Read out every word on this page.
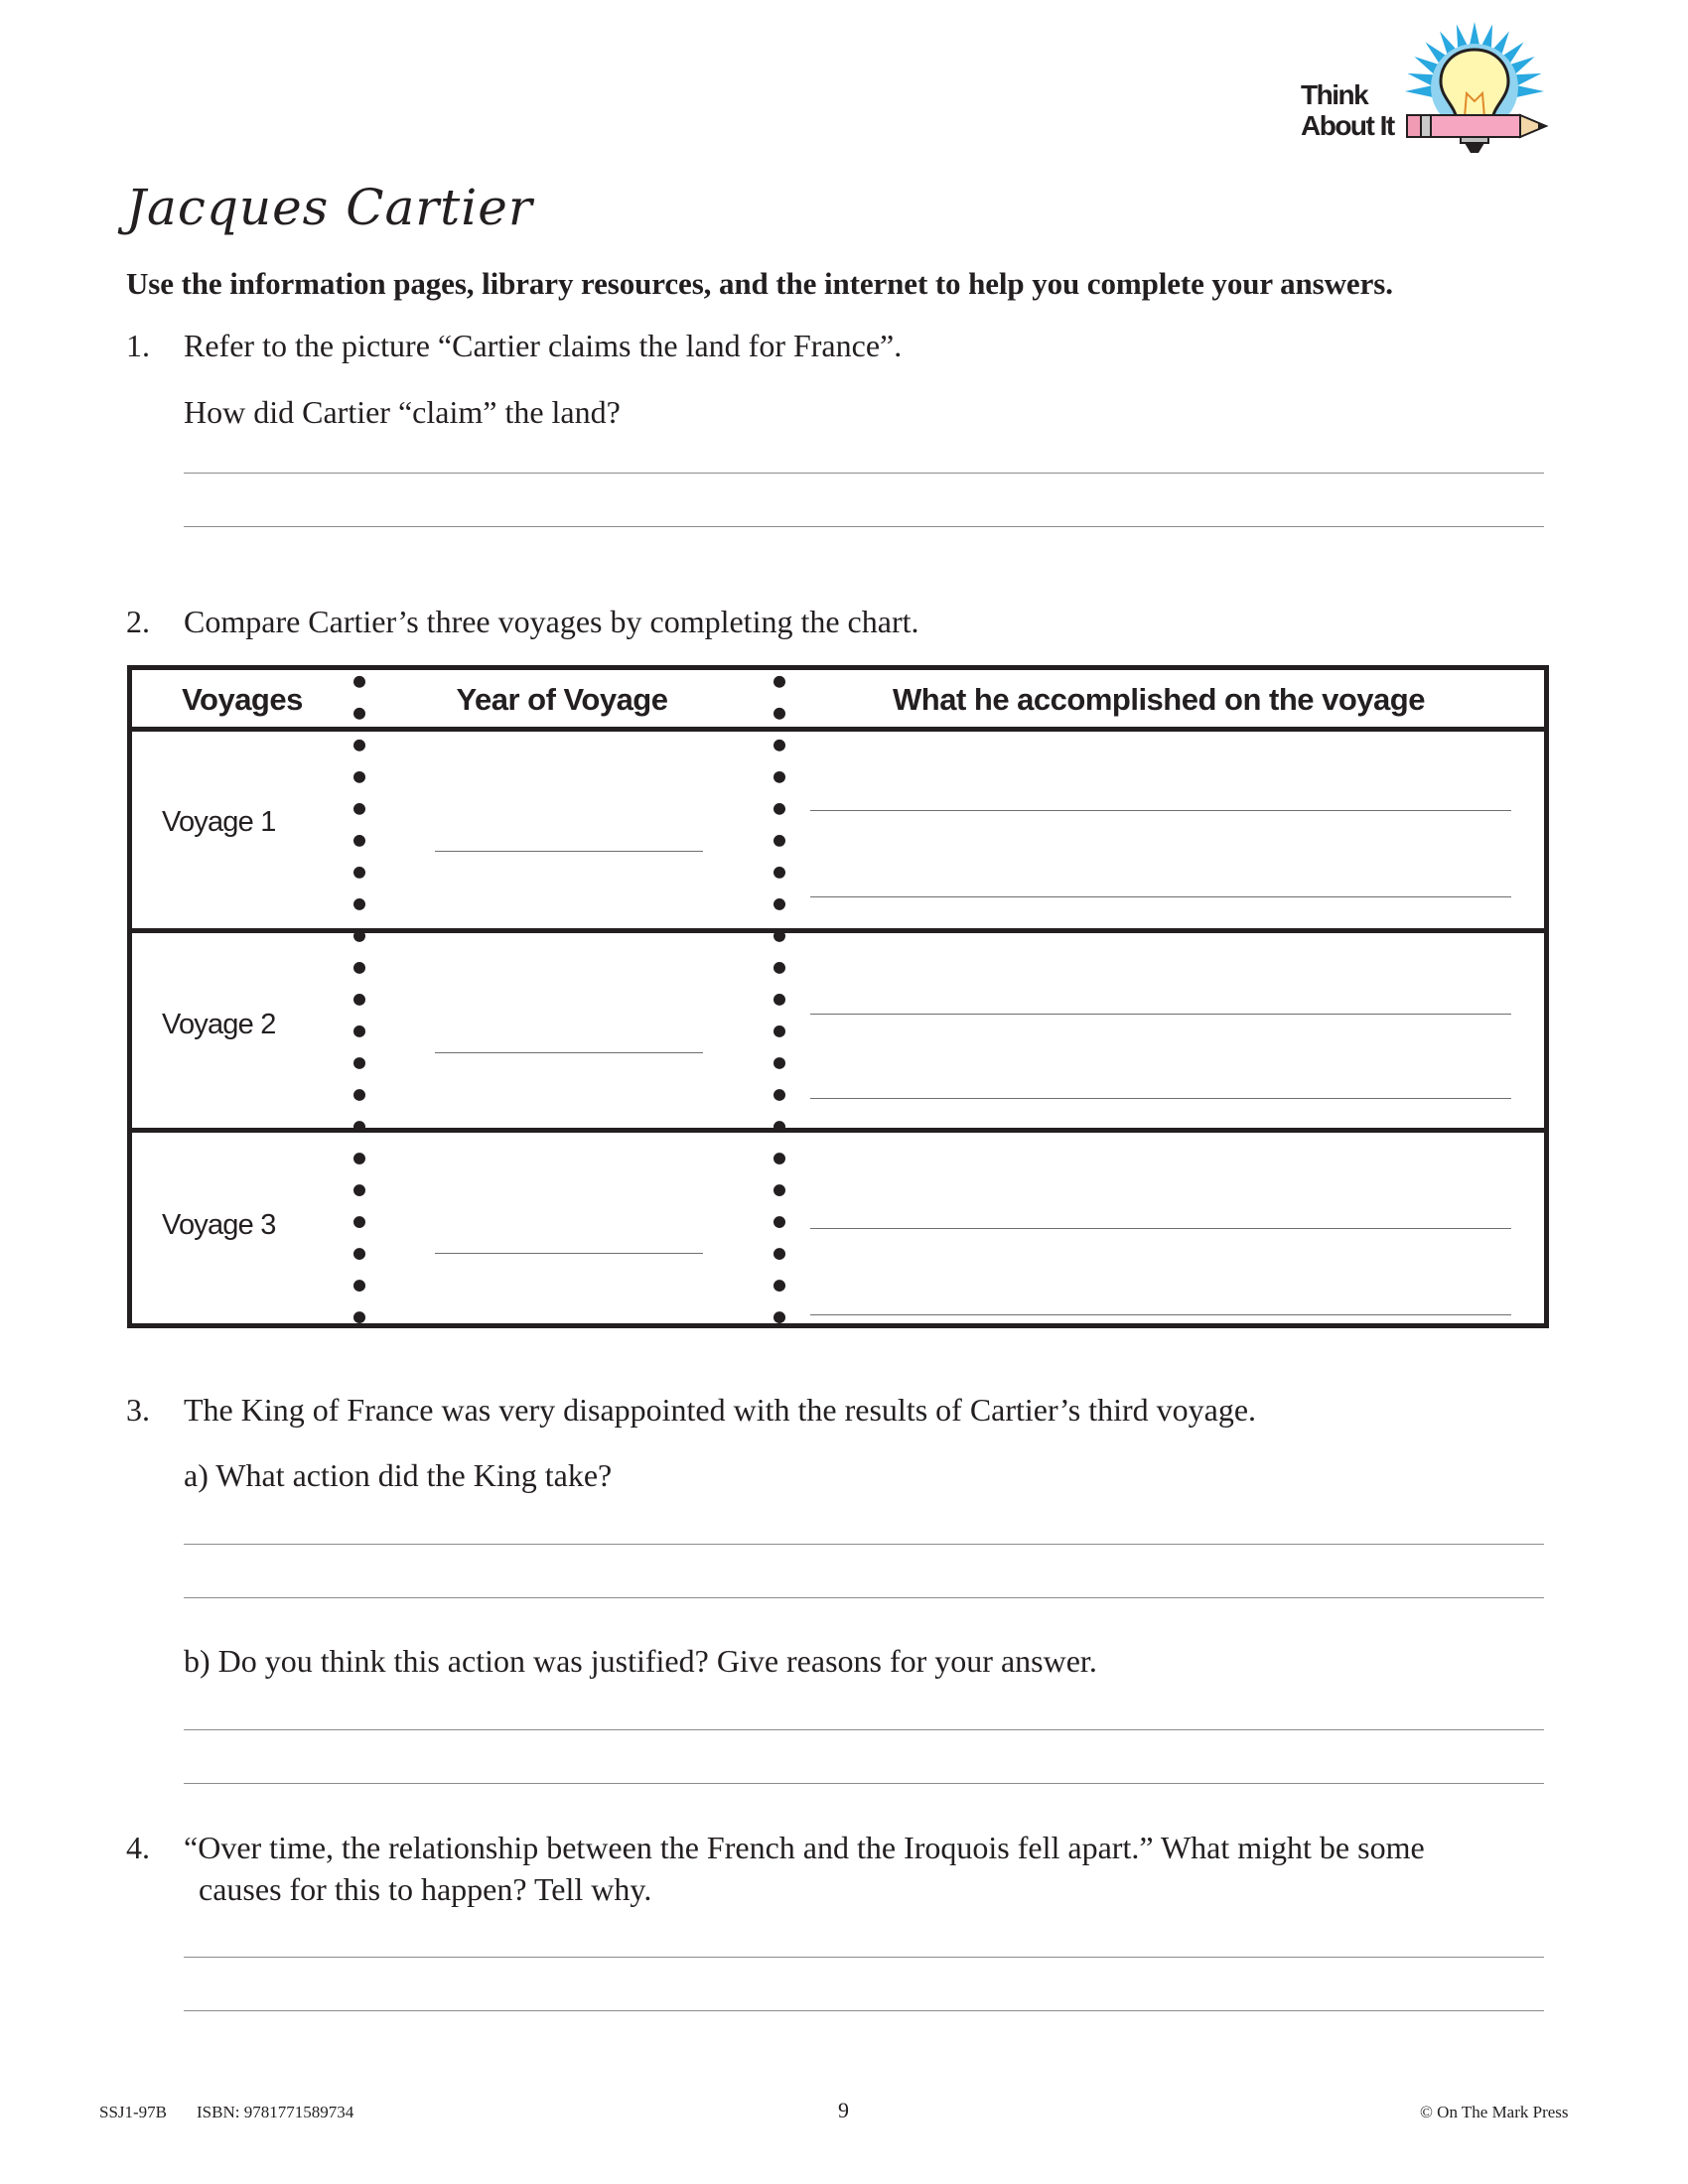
Think
About It
Jacques Cartier
Use the information pages, library resources, and the internet to help you complete your answers.
1. Refer to the picture “Cartier claims the land for France”.
How did Cartier “claim” the land?
2. Compare Cartier’s three voyages by completing the chart.
Voyages	Year of Voyage	What he accomplished on the voyage
Voyage 1
Voyage 2
Voyage 3
3. The King of France was very disappointed with the results of Cartier’s third voyage.
a) What action did the King take?
b) Do you think this action was justified? Give reasons for your answer.
4. “Over time, the relationship between the French and the Iroquois fell apart.” What might be some
causes for this to happen? Tell why.
SSJ1-97B ISBN: 9781771589734	9	© On The Mark Press
